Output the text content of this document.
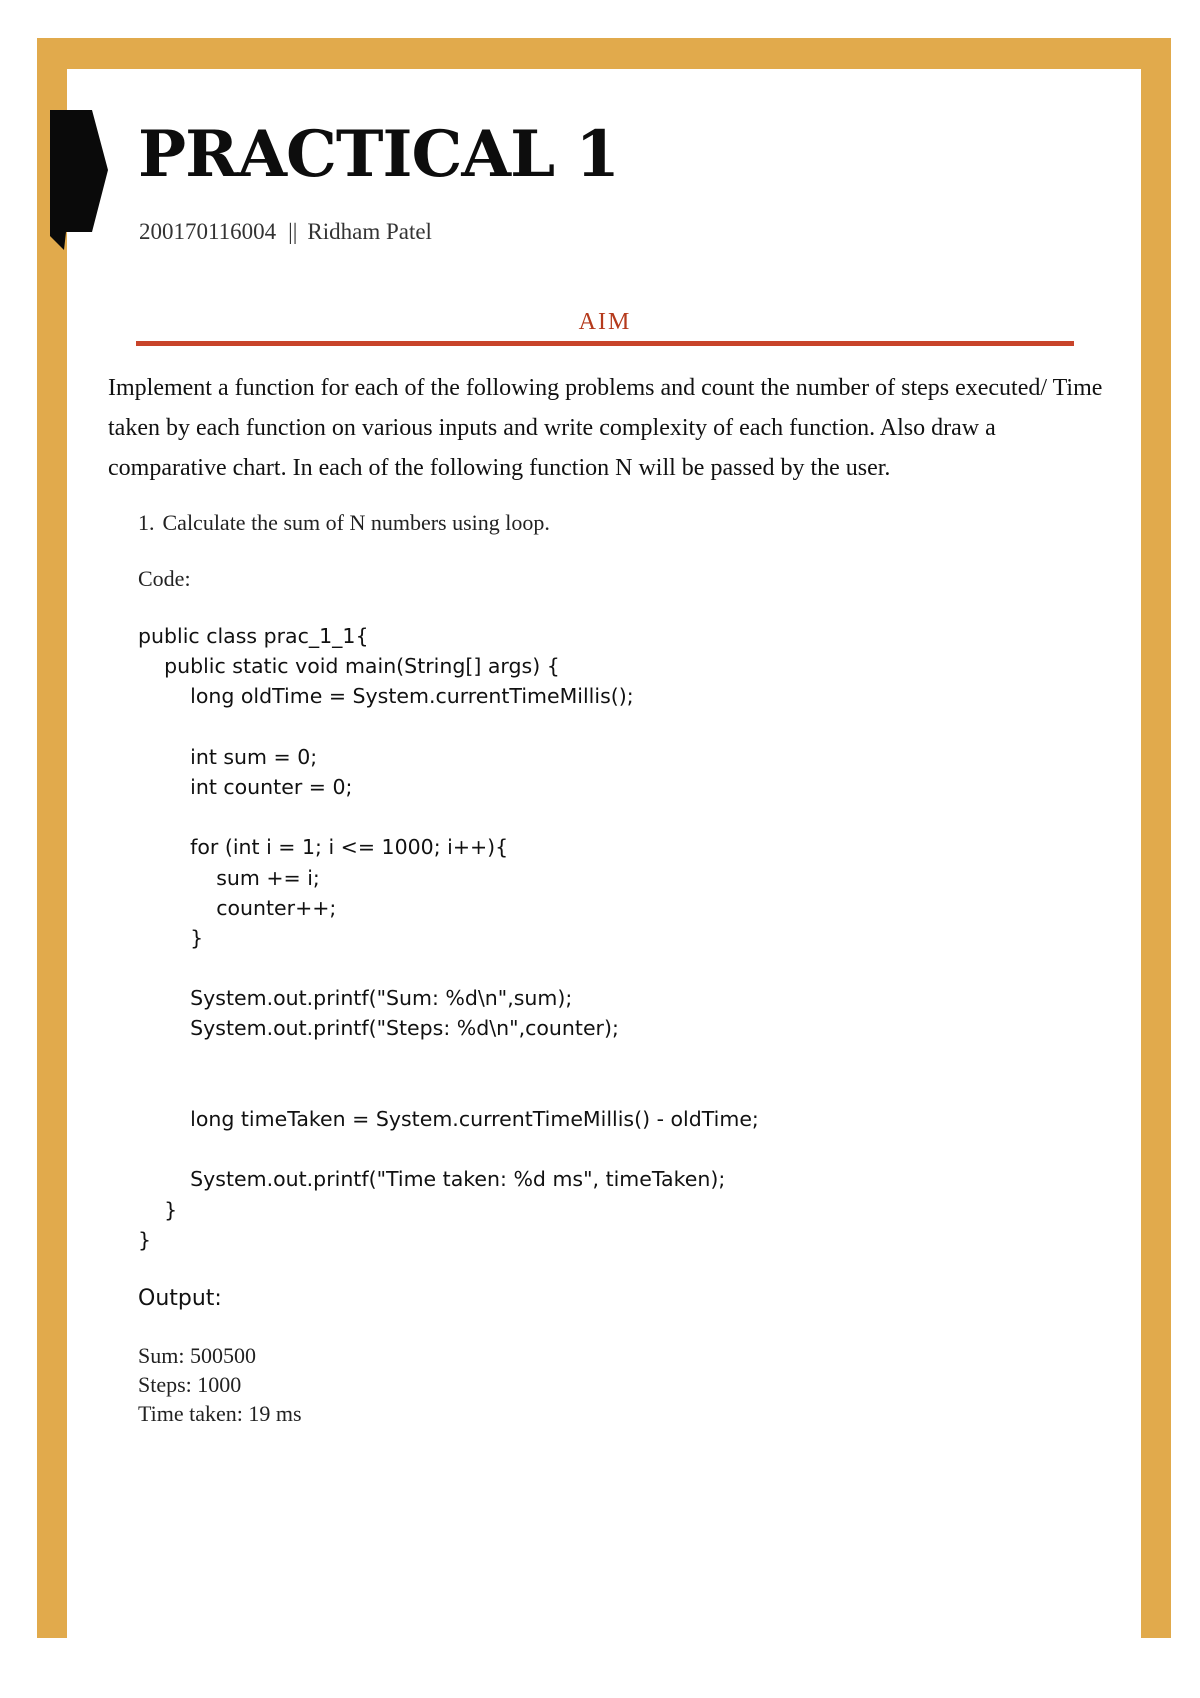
PRACTICAL 1
200170116004 || Ridham Patel
AIM

Implement a function for each of the following problems and count the number of steps executed/ Time taken by each function on various inputs and write complexity of each function. Also draw a comparative chart. In each of the following function N will be passed by the user.

1. Calculate the sum of N numbers using loop.
Code:
public class prac_1_1{
public static void main(String[] args) {
long oldTime = System.currentTimeMillis();
int sum = 0;
int counter = 0;
for (int i = 1; i <= 1000; i++){
sum += i;
counter++;
}
System.out.printf("Sum: %d\n",sum);
System.out.printf("Steps: %d\n",counter);
long timeTaken = System.currentTimeMillis() - oldTime;
System.out.printf("Time taken: %d ms", timeTaken);
}
}
Output:
Sum: 500500
Steps: 1000
Time taken: 19 ms
